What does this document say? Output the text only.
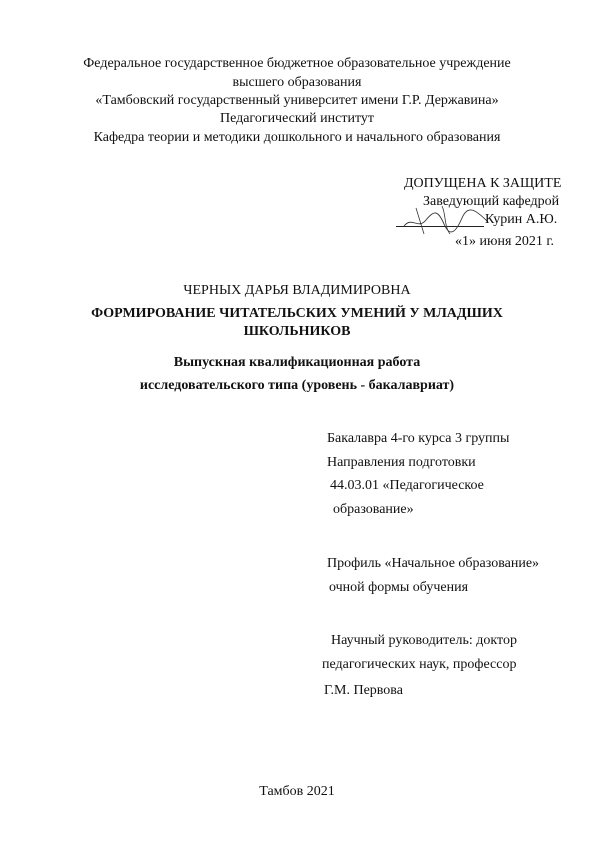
Федеральное государственное бюджетное образовательное учреждение
высшего образования
«Тамбовский государственный университет имени Г.Р. Державина»
Педагогический институт
Кафедра теории и методики дошкольного и начального образования
ДОПУЩЕНА К ЗАЩИТЕ
Заведующий кафедрой
Курин А.Ю.
«1» июня 2021 г.
ЧЕРНЫХ ДАРЬЯ ВЛАДИМИРОВНА
ФОРМИРОВАНИЕ ЧИТАТЕЛЬСКИХ УМЕНИЙ У МЛАДШИХ
ШКОЛЬНИКОВ
Выпускная квалификационная работа
исследовательского типа (уровень - бакалавриат)
Бакалавра 4-го курса 3 группы
Направления подготовки
44.03.01 «Педагогическое
образование»
Профиль «Начальное образование»
очной формы обучения
Научный руководитель: доктор
педагогических наук, профессор
Г.М. Первова
Тамбов 2021
